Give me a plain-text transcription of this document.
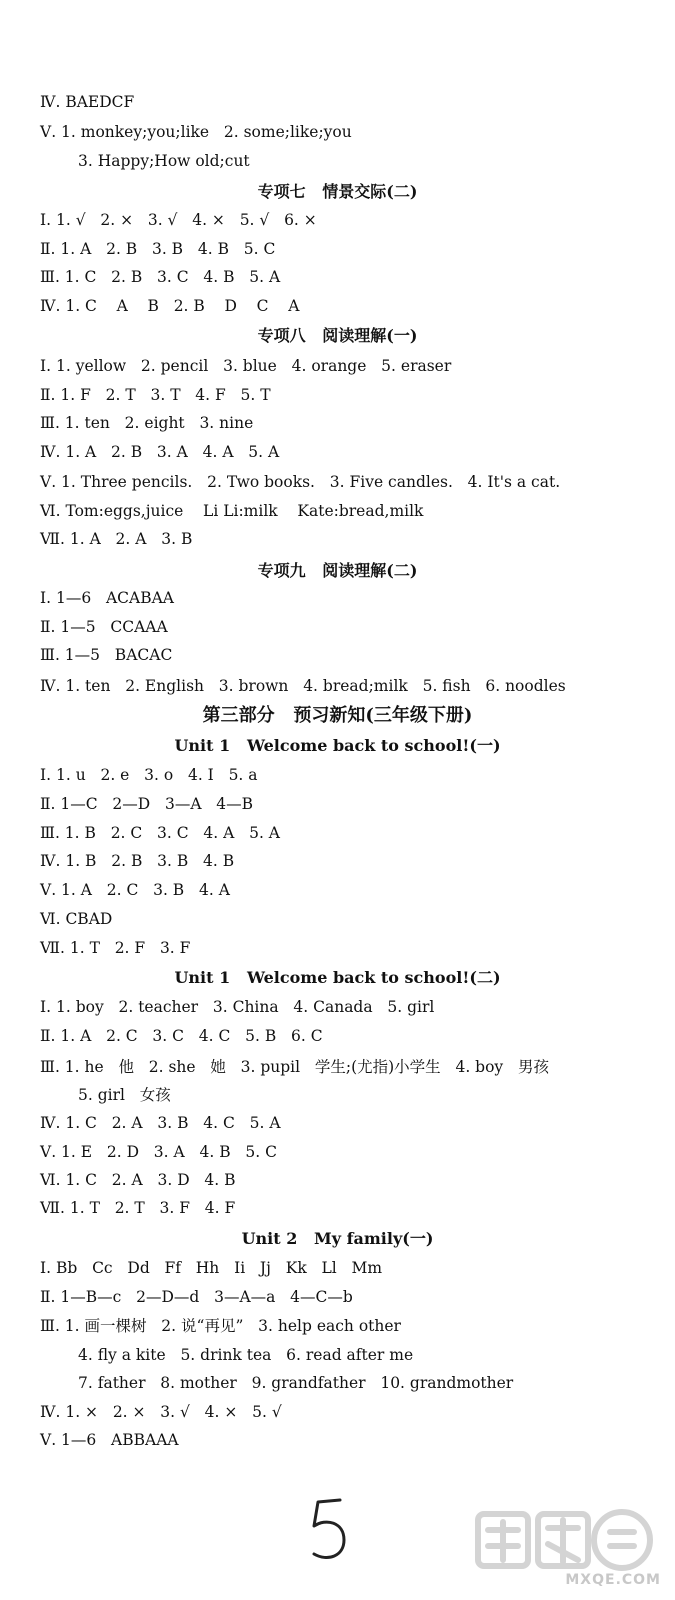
Ⅳ. BAEDCF
Ⅴ. 1. monkey;you;like   2. some;like;you
3. Happy;How old;cut
专项七   情景交际(二)
Ⅰ. 1. √   2. ×   3. √   4. ×   5. √   6. ×
Ⅱ. 1. A   2. B   3. B   4. B   5. C
Ⅲ. 1. C   2. B   3. C   4. B   5. A
Ⅳ. 1. C    A    B   2. B    D    C    A
专项八   阅读理解(一)
Ⅰ. 1. yellow   2. pencil   3. blue   4. orange   5. eraser
Ⅱ. 1. F   2. T   3. T   4. F   5. T
Ⅲ. 1. ten   2. eight   3. nine
Ⅳ. 1. A   2. B   3. A   4. A   5. A
Ⅴ. 1. Three pencils.   2. Two books.   3. Five candles.   4. It's a cat.
Ⅵ. Tom:eggs,juice    Li Li:milk    Kate:bread,milk
Ⅶ. 1. A   2. A   3. B
专项九   阅读理解(二)
Ⅰ. 1—6   ACABAA
Ⅱ. 1—5   CCAAA
Ⅲ. 1—5   BACAC
Ⅳ. 1. ten   2. English   3. brown   4. bread;milk   5. fish   6. noodles
第三部分   预习新知(三年级下册)
Unit 1   Welcome back to school!(一)
Ⅰ. 1. u   2. e   3. o   4. I   5. a
Ⅱ. 1—C   2—D   3—A   4—B
Ⅲ. 1. B   2. C   3. C   4. A   5. A
Ⅳ. 1. B   2. B   3. B   4. B
Ⅴ. 1. A   2. C   3. B   4. A
Ⅵ. CBAD
Ⅶ. 1. T   2. F   3. F
Unit 1   Welcome back to school!(二)
Ⅰ. 1. boy   2. teacher   3. China   4. Canada   5. girl
Ⅱ. 1. A   2. C   3. C   4. C   5. B   6. C
Ⅲ. 1. he   他   2. she   她   3. pupil   学生;(尤指)小学生   4. boy   男孩
5. girl   女孩
Ⅳ. 1. C   2. A   3. B   4. C   5. A
Ⅴ. 1. E   2. D   3. A   4. B   5. C
Ⅵ. 1. C   2. A   3. D   4. B
Ⅶ. 1. T   2. T   3. F   4. F
Unit 2   My family(一)
Ⅰ. Bb   Cc   Dd   Ff   Hh   Ii   Jj   Kk   Ll   Mm
Ⅱ. 1—B—c   2—D—d   3—A—a   4—C—b
Ⅲ. 1. 画一棵树   2. 说“再见”   3. help each other
4. fly a kite   5. drink tea   6. read after me
7. father   8. mother   9. grandfather   10. grandmother
Ⅳ. 1. ×   2. ×   3. √   4. ×   5. √
Ⅴ. 1—6   ABBAAA
MXQE.COM
